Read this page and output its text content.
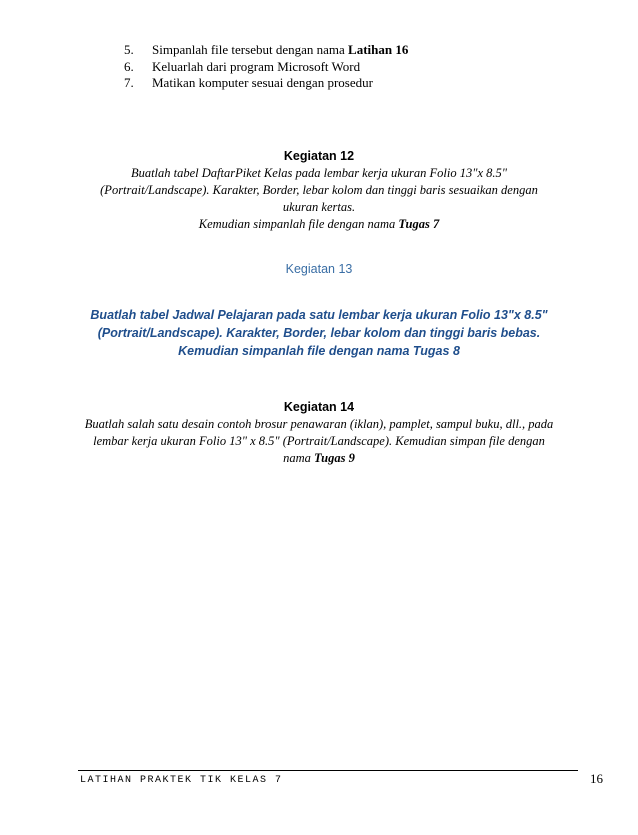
5.	Simpanlah file tersebut dengan nama Latihan 16
6.	Keluarlah dari program Microsoft Word
7.	Matikan komputer sesuai dengan prosedur
Kegiatan 12
Buatlah tabel DaftarPiket Kelas pada lembar kerja ukuran Folio 13"x 8.5"
(Portrait/Landscape). Karakter, Border, lebar kolom dan tinggi baris sesuaikan dengan
ukuran kertas.
Kemudian simpanlah file dengan nama Tugas 7
Kegiatan 13
Buatlah tabel Jadwal Pelajaran pada satu lembar kerja ukuran Folio 13"x 8.5"
(Portrait/Landscape). Karakter, Border, lebar kolom dan tinggi baris bebas.
Kemudian simpanlah file dengan nama Tugas 8
Kegiatan 14
Buatlah salah satu desain contoh brosur penawaran (iklan), pamplet, sampul buku, dll., pada
lembar kerja ukuran Folio 13" x 8.5" (Portrait/Landscape). Kemudian simpan file dengan
nama Tugas 9
LATIHAN PRAKTEK TIK KELAS 7	16
